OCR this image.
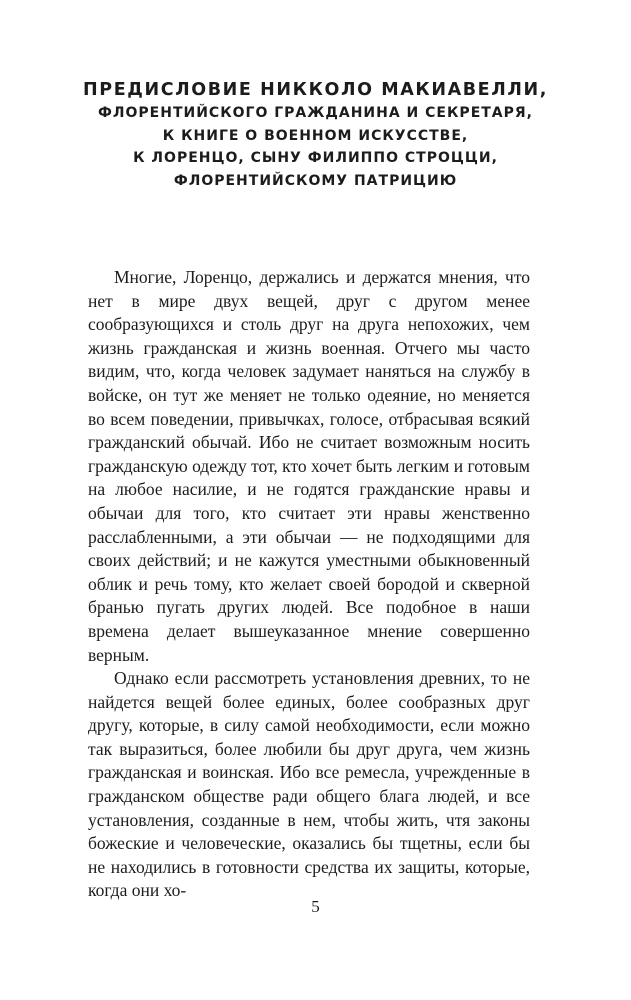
ПРЕДИСЛОВИЕ НИККОЛО МАКИАВЕЛЛИ,
ФЛОРЕНТИЙСКОГО ГРАЖДАНИНА И СЕКРЕТАРЯ,
К КНИГЕ О ВОЕННОМ ИСКУССТВЕ,
К ЛОРЕНЦО, СЫНУ ФИЛИППО СТРОЦЦИ,
ФЛОРЕНТИЙСКОМУ ПАТРИЦИЮ

Многие, Лоренцо, держались и держатся мнения, что нет в мире двух вещей, друг с другом менее сообразующихся и столь друг на друга непохожих, чем жизнь гражданская и жизнь военная. Отчего мы часто видим, что, когда человек задумает наняться на службу в войске, он тут же меняет не только одеяние, но меняется во всем поведении, привычках, голосе, отбрасывая всякий гражданский обычай. Ибо не считает возможным носить гражданскую одежду тот, кто хочет быть легким и готовым на любое насилие, и не годятся гражданские нравы и обычаи для того, кто считает эти нравы женственно расслабленными, а эти обычаи — не подходящими для своих действий; и не кажутся уместными обыкновенный облик и речь тому, кто желает своей бородой и скверной бранью пугать других людей. Все подобное в наши времена делает вышеуказанное мнение совершенно верным.

Однако если рассмотреть установления древних, то не найдется вещей более единых, более сообразных друг другу, которые, в силу самой необходимости, если можно так выразиться, более любили бы друг друга, чем жизнь гражданская и воинская. Ибо все ремесла, учрежденные в гражданском обществе ради общего блага людей, и все установления, созданные в нем, чтобы жить, чтя законы божеские и человеческие, оказались бы тщетны, если бы не находились в готовности средства их защиты, которые, когда они хо-

5
